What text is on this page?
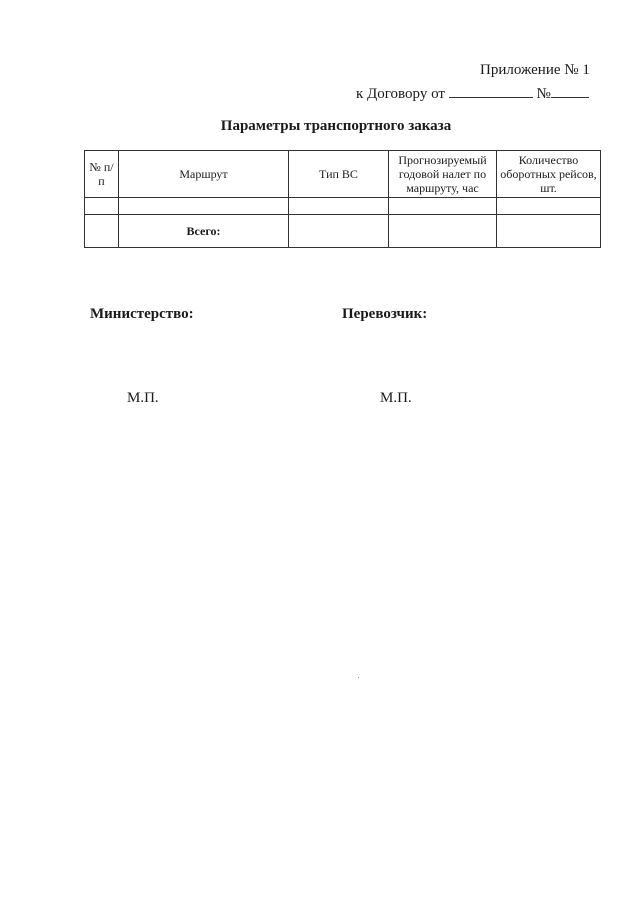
Приложение № 1
к Договору от	№
Параметры транспортного заказа
№ п/п	Маршрут	Тип ВС	Прогнозируемый годовой налет по маршруту, час	Количество оборотных рейсов, шт.

	Всего:			
Министерство:	Перевозчик:
М.П.	М.П.
